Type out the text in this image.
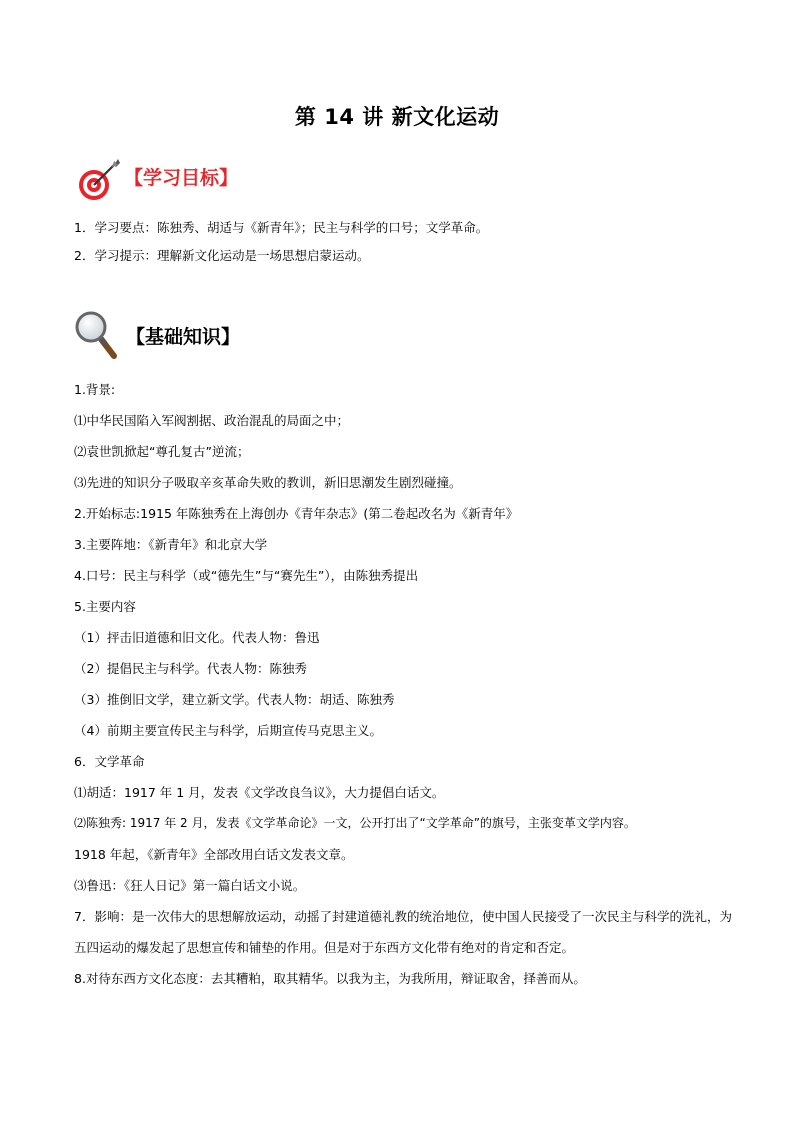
第 14 讲 新文化运动
【学习目标】
1．学习要点：陈独秀、胡适与《新青年》；民主与科学的口号；文学革命。
2．学习提示：理解新文化运动是一场思想启蒙运动。
【基础知识】
1.背景:
⑴中华民国陷入军阀割据、政治混乱的局面之中；
⑵袁世凯掀起“尊孔复古”逆流；
⑶先进的知识分子吸取辛亥革命失败的教训，新旧思潮发生剧烈碰撞。
2.开始标志:1915 年陈独秀在上海创办《青年杂志》(第二卷起改名为《新青年》
3.主要阵地：《新青年》和北京大学
4.口号：民主与科学（或“德先生”与“赛先生”），由陈独秀提出
5.主要内容
（1）抨击旧道德和旧文化。代表人物：鲁迅
（2）提倡民主与科学。代表人物：陈独秀
（3）推倒旧文学，建立新文学。代表人物：胡适、陈独秀
（4）前期主要宣传民主与科学，后期宣传马克思主义。
6．文学革命
⑴胡适：1917 年 1 月，发表《文学改良刍议》，大力提倡白话文。
⑵陈独秀: 1917 年 2 月，发表《文学革命论》一文，公开打出了“文学革命”的旗号，主张变革文学内容。
1918 年起，《新青年》全部改用白话文发表文章。
⑶鲁迅：《狂人日记》第一篇白话文小说。
7．影响：是一次伟大的思想解放运动，动摇了封建道德礼教的统治地位，使中国人民接受了一次民主与科学的洗礼，为五四运动的爆发起了思想宣传和铺垫的作用。但是对于东西方文化带有绝对的肯定和否定。
8.对待东西方文化态度：去其糟粕，取其精华。以我为主，为我所用，辩证取舍，择善而从。
